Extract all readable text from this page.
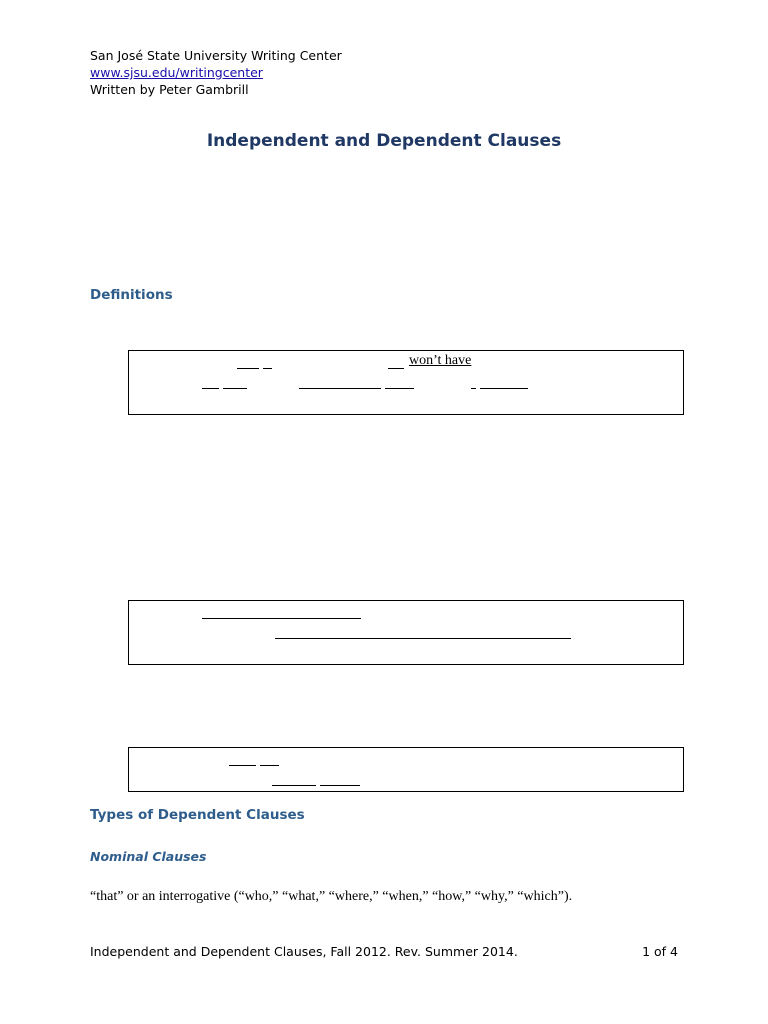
San José State University Writing Center
www.sjsu.edu/writingcenter
Written by Peter Gambrill
Independent and Dependent Clauses
Definitions
won’t have
Types of Dependent Clauses
Nominal Clauses
“that” or an interrogative (“who,” “what,” “where,” “when,” “how,” “why,” “which”).
Independent and Dependent Clauses, Fall 2012. Rev. Summer 2014.	1 of 4
